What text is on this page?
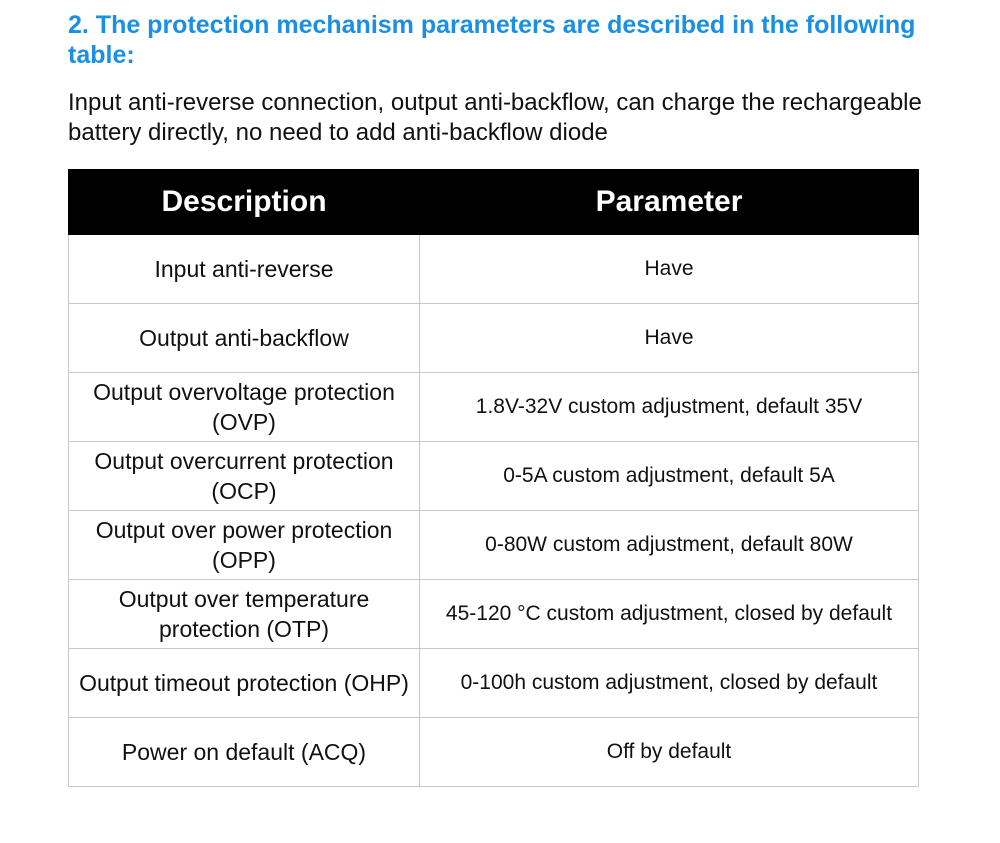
2. The protection mechanism parameters are described in the following table:
Input anti-reverse connection, output anti-backflow, can charge the rechargeable battery directly, no need to add anti-backflow diode
Description	Parameter
Input anti-reverse	Have
Output anti-backflow	Have
Output overvoltage protection (OVP)	1.8V-32V custom adjustment, default 35V
Output overcurrent protection (OCP)	0-5A custom adjustment, default 5A
Output over power protection (OPP)	0-80W custom adjustment, default 80W
Output over temperature protection (OTP)	45-120 °C custom adjustment, closed by default
Output timeout protection (OHP)	0-100h custom adjustment, closed by default
Power on default (ACQ)	Off by default
